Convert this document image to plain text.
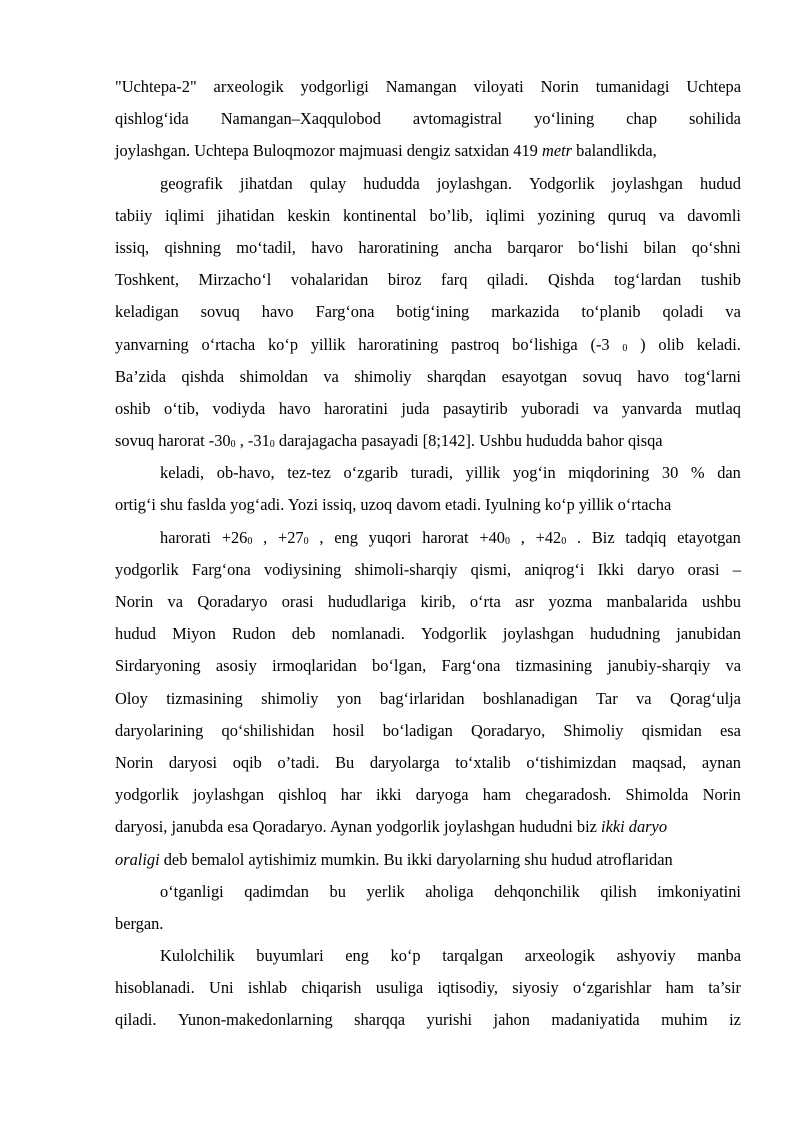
"Uchtepa-2" arxeologik yodgorligi Namangan viloyati Norin tumanidagi Uchtepa
qishlog‘ida Namangan–Xaqqulobod avtomagistral yo‘lining chap sohilida
joylashgan. Uchtepa Buloqmozor majmuasi dengiz satxidan 419 metr balandlikda,
geografik jihatdan qulay hududda joylashgan. Yodgorlik joylashgan hudud
tabiiy iqlimi jihatidan keskin kontinental bo’lib, iqlimi yozining quruq va davomli
issiq, qishning mo‘tadil, havo haroratining ancha barqaror bo‘lishi bilan qo‘shni
Toshkent, Mirzacho‘l vohalaridan biroz farq qiladi. Qishda tog‘lardan tushib
keladigan sovuq havo Farg‘ona botig‘ining markazida to‘planib qoladi va
yanvarning o‘rtacha ko‘p yillik haroratining pastroq bo‘lishiga (-3 $_0$ ) olib keladi.
Ba’zida qishda shimoldan va shimoliy sharqdan esayotgan sovuq havo tog‘larni
oshib o‘tib, vodiyda havo haroratini juda pasaytirib yuboradi va yanvarda mutlaq
sovuq harorat $-30_0$ , $-31_0$ darajagacha pasayadi [8;142]. Ushbu hududda bahor qisqa
keladi, ob-havo, tez-tez o‘zgarib turadi, yillik yog‘in miqdorining 30 % dan
ortig‘i shu faslda yog‘adi. Yozi issiq, uzoq davom etadi. Iyulning ko‘p yillik o‘rtacha
harorati $+26_0$ , $+27_0$ , eng yuqori harorat $+40_0$ , $+42_0$ . Biz tadqiq etayotgan
yodgorlik Farg‘ona vodiysining shimoli-sharqiy qismi, aniqrog‘i Ikki daryo orasi –
Norin va Qoradaryo orasi hududlariga kirib, o‘rta asr yozma manbalarida ushbu
hudud Miyon Rudon deb nomlanadi. Yodgorlik joylashgan hududning janubidan
Sirdaryoning asosiy irmoqlaridan bo‘lgan, Farg‘ona tizmasining janubiy-sharqiy va
Oloy tizmasining shimoliy yon bag‘irlaridan boshlanadigan Tar va Qorag‘ulja
daryolarining qo‘shilishidan hosil bo‘ladigan Qoradaryo, Shimoliy qismidan esa
Norin daryosi oqib o’tadi. Bu daryolarga to‘xtalib o‘tishimizdan maqsad, aynan
yodgorlik joylashgan qishloq har ikki daryoga ham chegaradosh. Shimolda Norin
daryosi, janubda esa Qoradaryo. Aynan yodgorlik joylashgan hududni biz ikki daryo
oraligi deb bemalol aytishimiz mumkin. Bu ikki daryolarning shu hudud atroflaridan
o‘tganligi qadimdan bu yerlik aholiga dehqonchilik qilish imkoniyatini
bergan.
Kulolchilik buyumlari eng ko‘p tarqalgan arxeologik ashyoviy manba
hisoblanadi. Uni ishlab chiqarish usuliga iqtisodiy, siyosiy o‘zgarishlar ham ta’sir
qiladi. Yunon-makedonlarning sharqqa yurishi jahon madaniyatida muhim iz
